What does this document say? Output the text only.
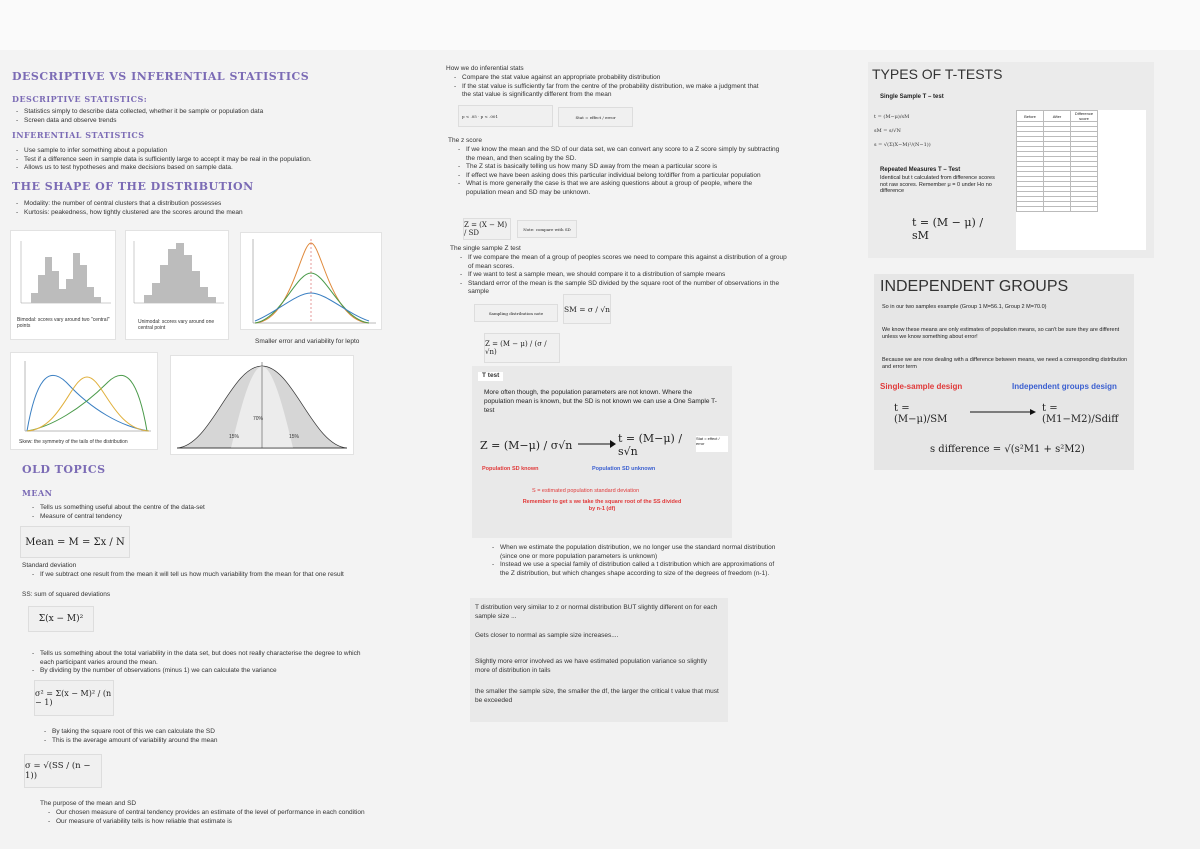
DESCRIPTIVE VS INFERENTIAL STATISTICS
DESCRIPTIVE STATISTICS:
- Statistics simply to describe data collected, whether it be sample or population data
- Screen data and observe trends
INFERENTIAL STATISTICS
- Use sample to infer something about a population
- Test if a difference seen in sample data is sufficiently large to accept it may be real in the population.
- Allows us to test hypotheses and make decisions based on sample data.
THE SHAPE OF THE DISTRIBUTION
- Modality: the number of central clusters that a distribution possesses
- Kurtosis: peakedness, how tightly clustered are the scores around the mean
Bimodal: scores vary around two "central" points
Unimodal: scores vary around one central point
Smaller error and variability for lepto
Skew: the symmetry of the tails of the distribution
70%
15%	15%
OLD TOPICS
MEAN
- Tells us something useful about the centre of the data-set
- Measure of central tendency
Mean = M = Σx / N
Standard deviation
- If we subtract one result from the mean it will tell us how much variability from the mean for that one result
SS: sum of squared deviations
Σ(x − M)²
- Tells us something about the total variability in the data set, but does not really characterise the degree to which each participant varies around the mean.
- By dividing by the number of observations (minus 1) we can calculate the variance
σ² = Σ(x − M)² / (n − 1)
- By taking the square root of this we can calculate the SD
- This is the average amount of variability around the mean
σ = √(SS / (n − 1))
The purpose of the mean and SD
- Our chosen measure of central tendency provides an estimate of the level of performance in each condition
- Our measure of variability tells is how reliable that estimate is
How we do inferential stats
- Compare the stat value against an appropriate probability distribution
- If the stat value is sufficiently far from the centre of the probability distribution, we make a judgment that the stat value is significantly different from the mean
p < .05 · p < .001	Stat = effect / error
The z score
- If we know the mean and the SD of our data set, we can convert any score to a Z score simply by subtracting the mean, and then scaling by the SD.
- The Z stat is basically telling us how many SD away from the mean a particular score is
- If effect we have been asking does this particular individual belong to/differ from a particular population
- What is more generally the case is that we are asking questions about a group of people, where the population mean and SD may be unknown.
Z = (X − M) / SD	Note: compare with SD
The single sample Z test
- If we compare the mean of a group of peoples scores we need to compare this against a distribution of a group of mean scores.
- If we want to test a sample mean, we should compare it to a distribution of sample means
- Standard error of the mean is the sample SD divided by the square root of the number of observations in the sample
SM = σ / √n
Sampling distribution note
Z = (M − μ) / (σ / √n)
T test
More often though, the population parameters are not known. Where the population mean is known, but the SD is not known we can use a One Sample T-test
Z = (M−μ) / σ√n	t = (M−μ) / s√n
Stat = effect / error
Population SD known	Population SD unknown
S = estimated population standard deviation
Remember to get s we take the square root of the SS divided by n-1 (df)
- When we estimate the population distribution, we no longer use the standard normal distribution (since one or more population parameters is unknown)
- Instead we use a special family of distribution called a t distribution which are approximations of the Z distribution, but which changes shape according to size of the degrees of freedom (n-1).
T distribution very similar to z or normal distribution BUT slightly different on for each sample size ...
Gets closer to normal as sample size increases....
Slightly more error involved as we have estimated population variance so slightly more of distribution in tails
the smaller the sample size, the smaller the df, the larger the critical t value that must be exceeded
TYPES OF T-TESTS
Single Sample T – test
t = (M−μ)/sM
sM = s/√N
s = √(Σ(X−M)²/(N−1))
Repeated Measures T – Test
Identical but t calculated from difference scores not raw scores. Remember μ = 0 under Ho no difference
t = (M − μ) / sM
Before	After	Difference score

INDEPENDENT GROUPS
So in our two samples example (Group 1 M=56.1, Group 2 M=70.0)
We know these means are only estimates of population means, so can't be sure they are different unless we know something about error!
Because we are now dealing with a difference between means, we need a corresponding distribution and error term
Single-sample design	Independent groups design
t = (M−μ)/SM
t = (M1−M2)/Sdiff
s difference = √(s²M1 + s²M2)
